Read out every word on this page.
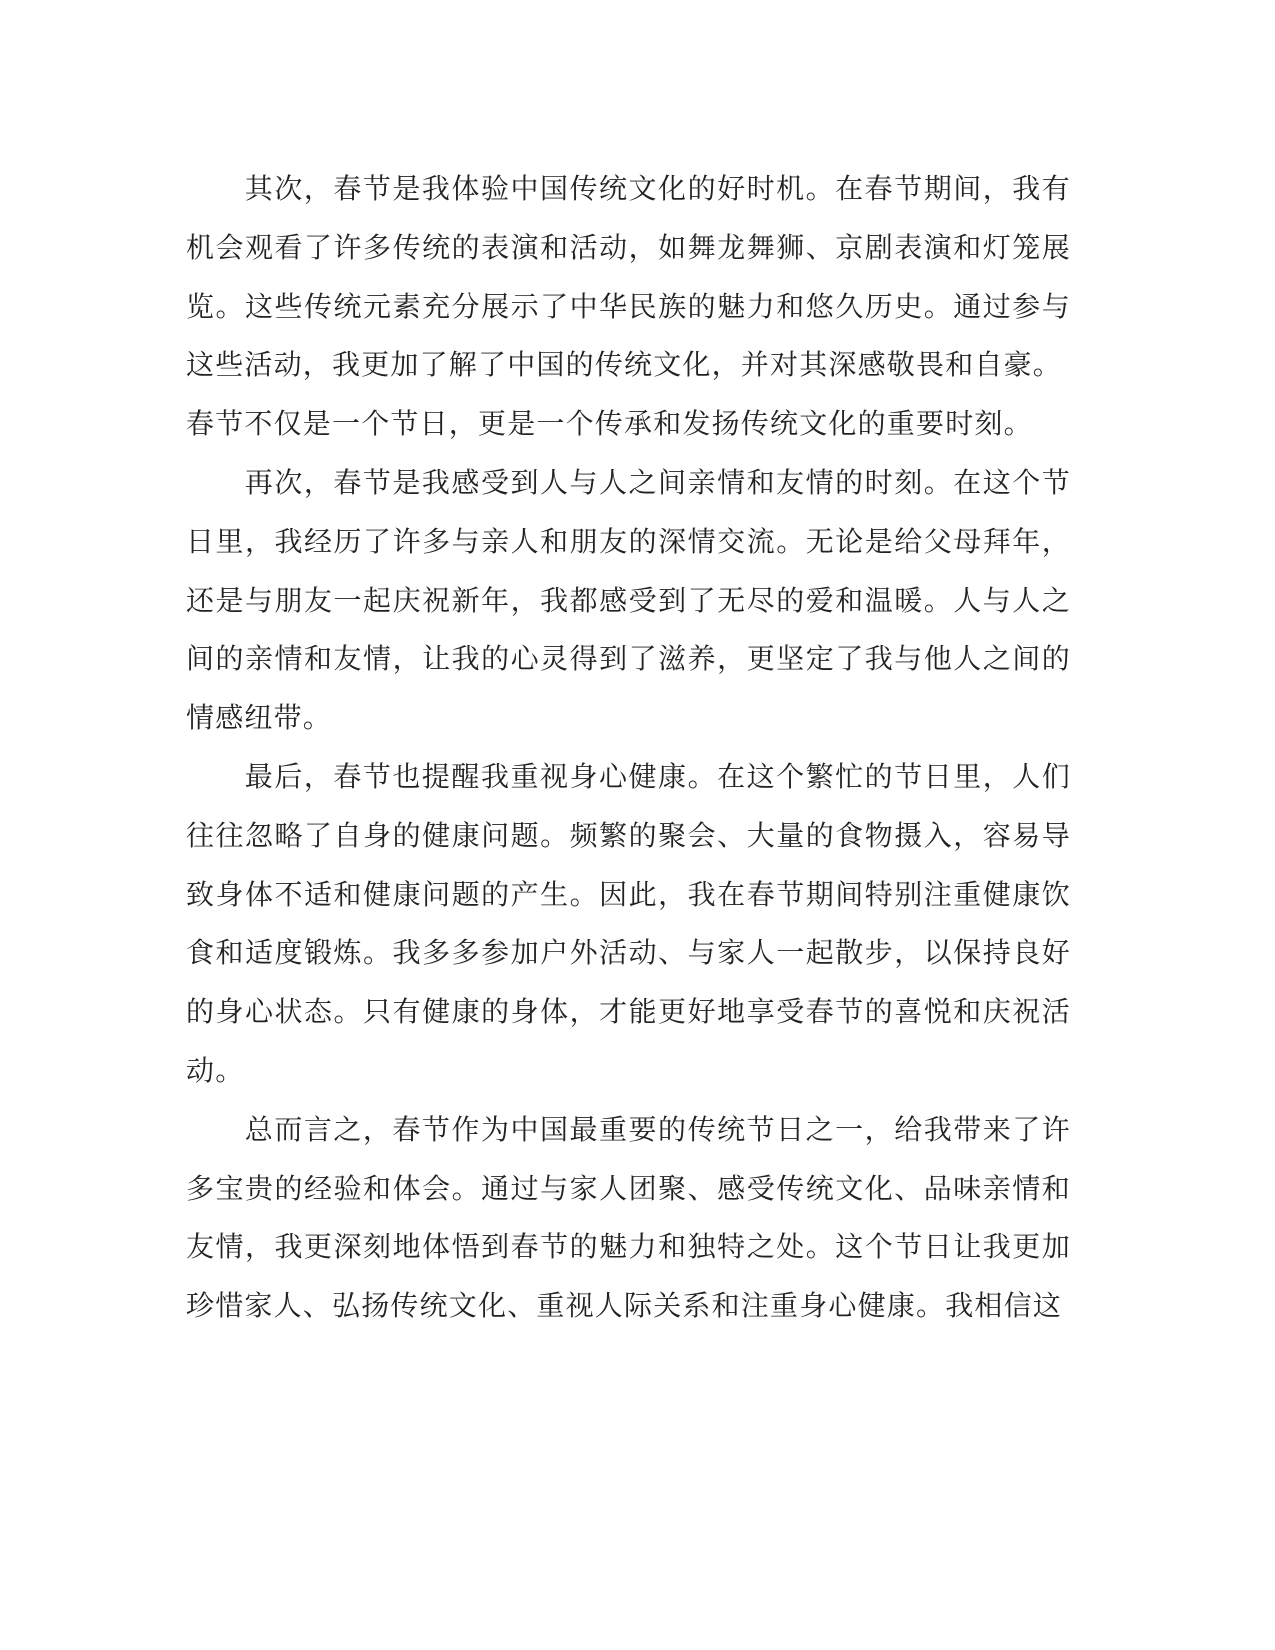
其次，春节是我体验中国传统文化的好时机。在春节期间，我有机会观看了许多传统的表演和活动，如舞龙舞狮、京剧表演和灯笼展览。这些传统元素充分展示了中华民族的魅力和悠久历史。通过参与这些活动，我更加了解了中国的传统文化，并对其深感敬畏和自豪。

春节不仅是一个节日，更是一个传承和发扬传统文化的重要时刻。

再次，春节是我感受到人与人之间亲情和友情的时刻。在这个节日里，我经历了许多与亲人和朋友的深情交流。无论是给父母拜年，还是与朋友一起庆祝新年，我都感受到了无尽的爱和温暖。人与人之间的亲情和友情，让我的心灵得到了滋养，更坚定了我与他人之间的情感纽带。

最后，春节也提醒我重视身心健康。在这个繁忙的节日里，人们往往忽略了自身的健康问题。频繁的聚会、大量的食物摄入，容易导致身体不适和健康问题的产生。因此，我在春节期间特别注重健康饮食和适度锻炼。我多多参加户外活动、与家人一起散步，以保持良好的身心状态。只有健康的身体，才能更好地享受春节的喜悦和庆祝活动。

总而言之，春节作为中国最重要的传统节日之一，给我带来了许多宝贵的经验和体会。通过与家人团聚、感受传统文化、品味亲情和友情，我更深刻地体悟到春节的魅力和独特之处。这个节日让我更加珍惜家人、弘扬传统文化、重视人际关系和注重身心健康。我相信这
